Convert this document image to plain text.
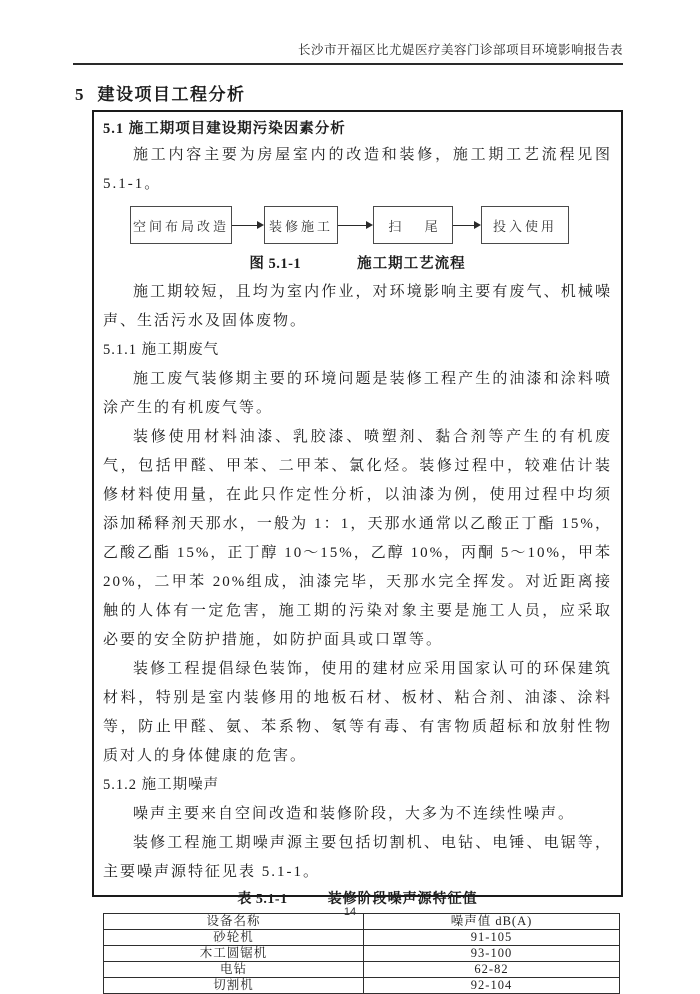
长沙市开福区比尤媞医疗美容门诊部项目环境影响报告表
5 建设项目工程分析
5.1 施工期项目建设期污染因素分析

施工内容主要为房屋室内的改造和装修，施工期工艺流程见图 5.1-1。

空间布局改造	装修施工	扫 尾	投入使用
图 5.1-1	施工期工艺流程

施工期较短，且均为室内作业，对环境影响主要有废气、机械噪声、生活污水及固体废物。

5.1.1 施工期废气

施工废气装修期主要的环境问题是装修工程产生的油漆和涂料喷涂产生的有机废气等。

装修使用材料油漆、乳胶漆、喷塑剂、黏合剂等产生的有机废气，包括甲醛、甲苯、二甲苯、氯化烃。装修过程中，较难估计装修材料使用量，在此只作定性分析，以油漆为例，使用过程中均须添加稀释剂天那水，一般为 1：1，天那水通常以乙酸正丁酯 15%，乙酸乙酯 15%，正丁醇 10～15%，乙醇 10%，丙酮 5～10%，甲苯 20%，二甲苯 20%组成，油漆完毕，天那水完全挥发。对近距离接触的人体有一定危害，施工期的污染对象主要是施工人员，应采取必要的安全防护措施，如防护面具或口罩等。

装修工程提倡绿色装饰，使用的建材应采用国家认可的环保建筑材料，特别是室内装修用的地板石材、板材、粘合剂、油漆、涂料等，防止甲醛、氨、苯系物、氡等有毒、有害物质超标和放射性物质对人的身体健康的危害。

5.1.2 施工期噪声

噪声主要来自空间改造和装修阶段，大多为不连续性噪声。

装修工程施工期噪声源主要包括切割机、电钻、电锤、电锯等，主要噪声源特征见表 5.1-1。

表 5.1-1	装修阶段噪声源特征值
设备名称	噪声值 dB(A)
砂轮机	91-105
木工圆锯机	93-100
电钻	62-82
切割机	92-104
14
